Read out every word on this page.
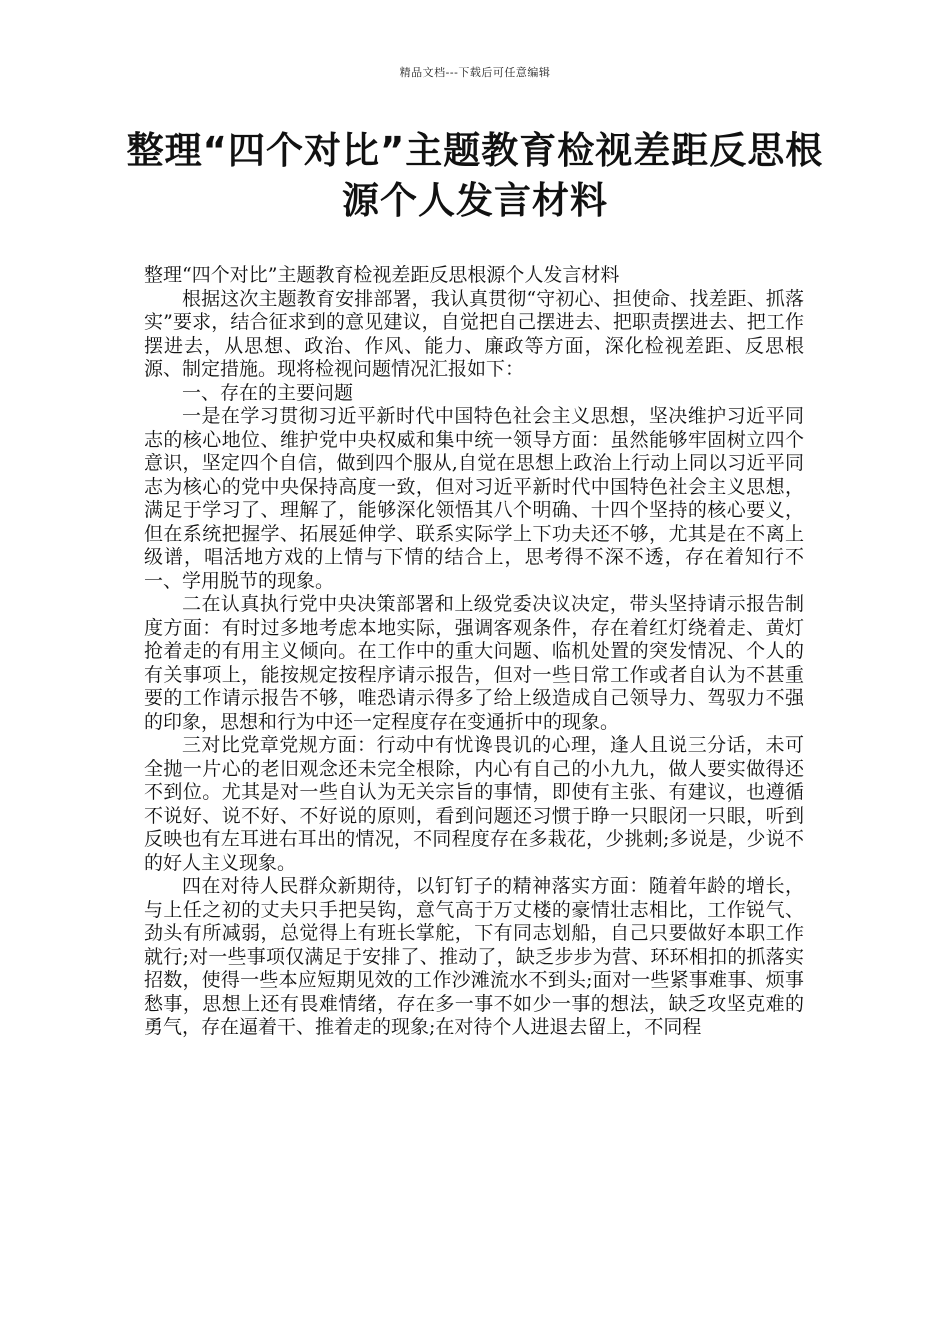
精品文档---下载后可任意编辑
整理“四个对比”主题教育检视差距反思根源个人发言材料

整理“四个对比”主题教育检视差距反思根源个人发言材料

根据这次主题教育安排部署，我认真贯彻“守初心、担使命、找差距、抓落实”要求，结合征求到的意见建议，自觉把自己摆进去、把职责摆进去、把工作摆进去，从思想、政治、作风、能力、廉政等方面，深化检视差距、反思根源、制定措施。现将检视问题情况汇报如下：

一、存在的主要问题

一是在学习贯彻习近平新时代中国特色社会主义思想，坚决维护习近平同志的核心地位、维护党中央权威和集中统一领导方面：虽然能够牢固树立四个意识，坚定四个自信，做到四个服从,自觉在思想上政治上行动上同以习近平同志为核心的党中央保持高度一致，但对习近平新时代中国特色社会主义思想，满足于学习了、理解了，能够深化领悟其八个明确、十四个坚持的核心要义，但在系统把握学、拓展延伸学、联系实际学上下功夫还不够，尤其是在不离上级谱，唱活地方戏的上情与下情的结合上，思考得不深不透，存在着知行不一、学用脱节的现象。

二在认真执行党中央决策部署和上级党委决议决定，带头坚持请示报告制度方面：有时过多地考虑本地实际，强调客观条件，存在着红灯绕着走、黄灯抢着走的有用主义倾向。在工作中的重大问题、临机处置的突发情况、个人的有关事项上，能按规定按程序请示报告，但对一些日常工作或者自认为不甚重要的工作请示报告不够，唯恐请示得多了给上级造成自己领导力、驾驭力不强的印象，思想和行为中还一定程度存在变通折中的现象。

三对比党章党规方面：行动中有忧谗畏讥的心理，逢人且说三分话，未可全抛一片心的老旧观念还未完全根除，内心有自己的小九九，做人要实做得还不到位。尤其是对一些自认为无关宗旨的事情，即使有主张、有建议，也遵循不说好、说不好、不好说的原则，看到问题还习惯于睁一只眼闭一只眼，听到反映也有左耳进右耳出的情况，不同程度存在多栽花，少挑刺;多说是，少说不的好人主义现象。

四在对待人民群众新期待，以钉钉子的精神落实方面：随着年龄的增长，与上任之初的丈夫只手把吴钩，意气高于万丈楼的豪情壮志相比，工作锐气、劲头有所减弱，总觉得上有班长掌舵，下有同志划船，自己只要做好本职工作就行;对一些事项仅满足于安排了、推动了，缺乏步步为营、环环相扣的抓落实招数，使得一些本应短期见效的工作沙滩流水不到头;面对一些紧事难事、烦事愁事，思想上还有畏难情绪，存在多一事不如少一事的想法，缺乏攻坚克难的勇气，存在逼着干、推着走的现象;在对待个人进退去留上，不同程
